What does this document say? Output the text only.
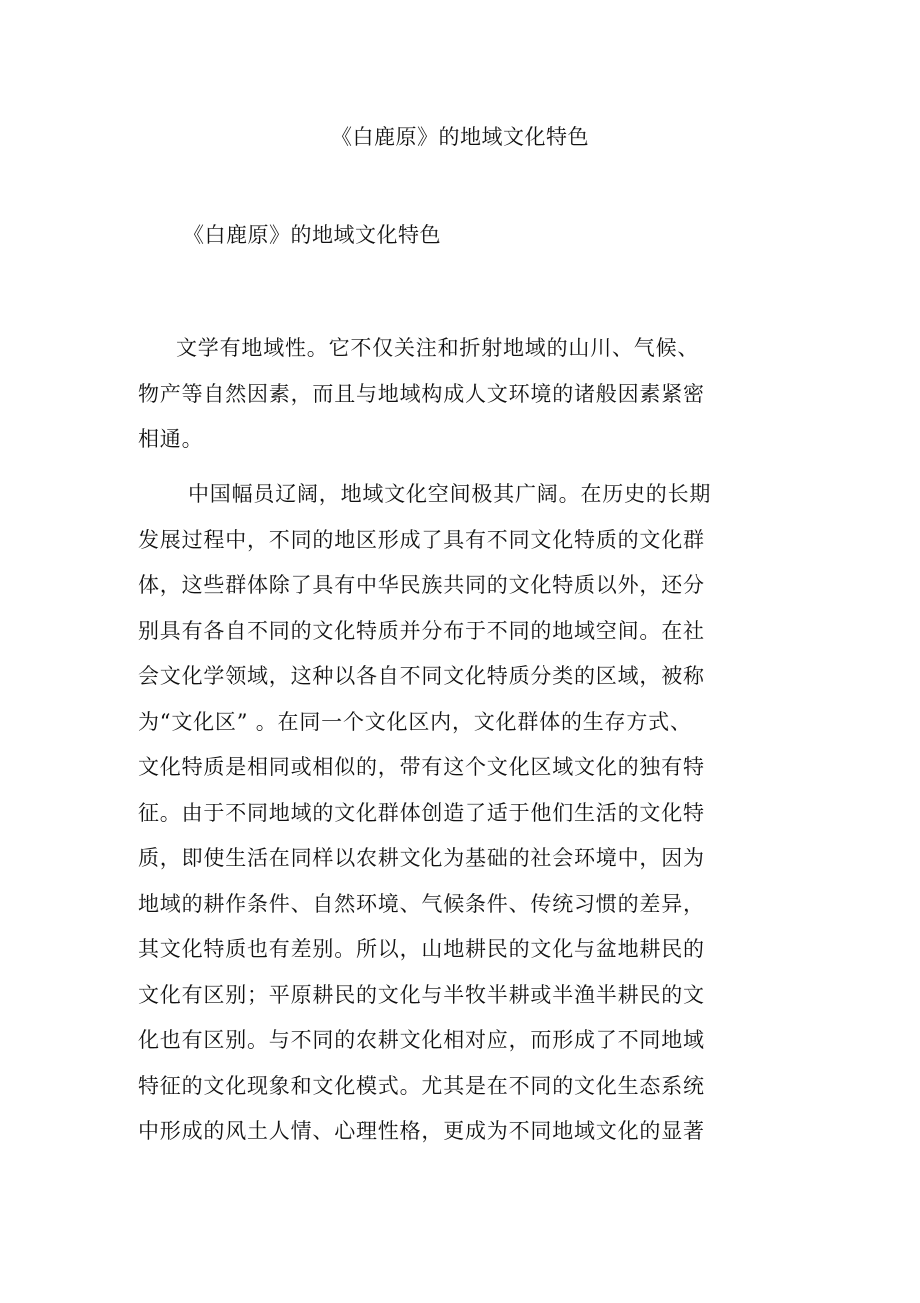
《白鹿原》的地域文化特色
《白鹿原》的地域文化特色
文学有地域性。它不仅关注和折射地域的山川、气候、
物产等自然因素，而且与地域构成人文环境的诸般因素紧密
相通。
中国幅员辽阔，地域文化空间极其广阔。在历史的长期
发展过程中，不同的地区形成了具有不同文化特质的文化群
体，这些群体除了具有中华民族共同的文化特质以外，还分
别具有各自不同的文化特质并分布于不同的地域空间。在社
会文化学领域，这种以各自不同文化特质分类的区域，被称
为“文化区” 。在同一个文化区内，文化群体的生存方式、
文化特质是相同或相似的，带有这个文化区域文化的独有特
征。由于不同地域的文化群体创造了适于他们生活的文化特
质，即使生活在同样以农耕文化为基础的社会环境中，因为
地域的耕作条件、自然环境、气候条件、传统习惯的差异，
其文化特质也有差别。所以，山地耕民的文化与盆地耕民的
文化有区别；平原耕民的文化与半牧半耕或半渔半耕民的文
化也有区别。与不同的农耕文化相对应，而形成了不同地域
特征的文化现象和文化模式。尤其是在不同的文化生态系统
中形成的风土人情、心理性格，更成为不同地域文化的显著
